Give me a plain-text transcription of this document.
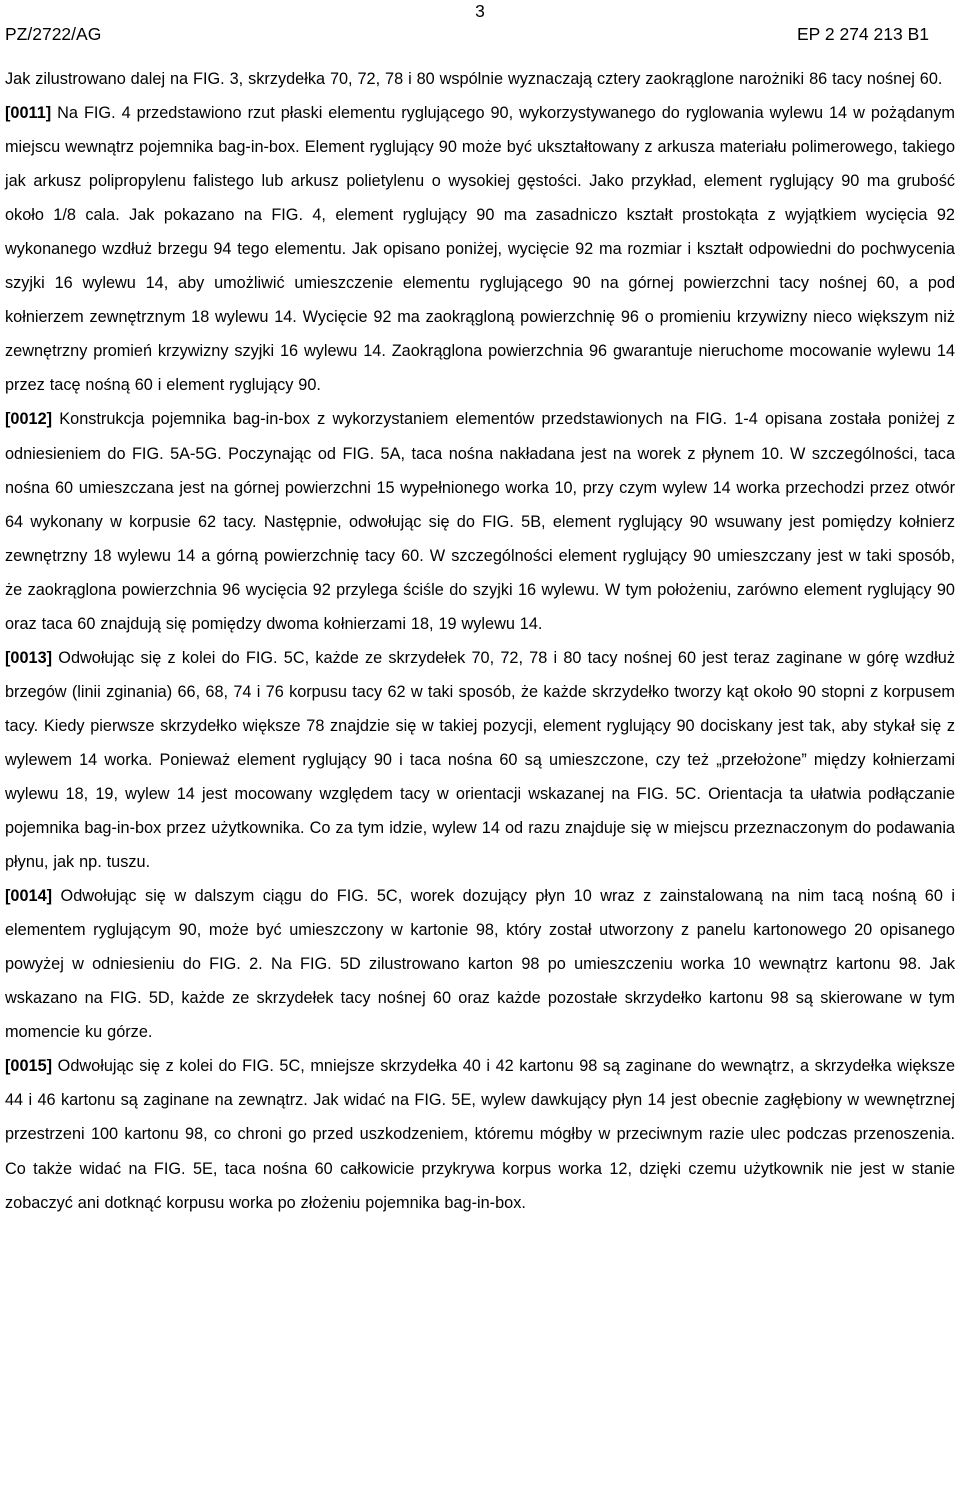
PZ/2722/AG
3
EP 2 274 213 B1

Jak zilustrowano dalej na FIG. 3, skrzydełka 70, 72, 78 i 80 wspólnie wyznaczają cztery zaokrąglone narożniki 86 tacy nośnej 60.

[0011] Na FIG. 4 przedstawiono rzut płaski elementu ryglującego 90, wykorzystywanego do ryglowania wylewu 14 w pożądanym miejscu wewnątrz pojemnika bag-in-box. Element ryglujący 90 może być ukształtowany z arkusza materiału polimerowego, takiego jak arkusz polipropylenu falistego lub arkusz polietylenu o wysokiej gęstości. Jako przykład, element ryglujący 90 ma grubość około 1/8 cala. Jak pokazano na FIG. 4, element ryglujący 90 ma zasadniczo kształt prostokąta z wyjątkiem wycięcia 92 wykonanego wzdłuż brzegu 94 tego elementu. Jak opisano poniżej, wycięcie 92 ma rozmiar i kształt odpowiedni do pochwycenia szyjki 16 wylewu 14, aby umożliwić umieszczenie elementu ryglującego 90 na górnej powierzchni tacy nośnej 60, a pod kołnierzem zewnętrznym 18 wylewu 14. Wycięcie 92 ma zaokrągloną powierzchnię 96 o promieniu krzywizny nieco większym niż zewnętrzny promień krzywizny szyjki 16 wylewu 14. Zaokrąglona powierzchnia 96 gwarantuje nieruchome mocowanie wylewu 14 przez tacę nośną 60 i element ryglujący 90.

[0012] Konstrukcja pojemnika bag-in-box z wykorzystaniem elementów przedstawionych na FIG. 1-4 opisana została poniżej z odniesieniem do FIG. 5A-5G. Poczynając od FIG. 5A, taca nośna nakładana jest na worek z płynem 10. W szczególności, taca nośna 60 umieszczana jest na górnej powierzchni 15 wypełnionego worka 10, przy czym wylew 14 worka przechodzi przez otwór 64 wykonany w korpusie 62 tacy. Następnie, odwołując się do FIG. 5B, element ryglujący 90 wsuwany jest pomiędzy kołnierz zewnętrzny 18 wylewu 14 a górną powierzchnię tacy 60. W szczególności element ryglujący 90 umieszczany jest w taki sposób, że zaokrąglona powierzchnia 96 wycięcia 92 przylega ściśle do szyjki 16 wylewu. W tym położeniu, zarówno element ryglujący 90 oraz taca 60 znajdują się pomiędzy dwoma kołnierzami 18, 19 wylewu 14.

[0013] Odwołując się z kolei do FIG. 5C, każde ze skrzydełek 70, 72, 78 i 80 tacy nośnej 60 jest teraz zaginane w górę wzdłuż brzegów (linii zginania) 66, 68, 74 i 76 korpusu tacy 62 w taki sposób, że każde skrzydełko tworzy kąt około 90 stopni z korpusem tacy. Kiedy pierwsze skrzydełko większe 78 znajdzie się w takiej pozycji, element ryglujący 90 dociskany jest tak, aby stykał się z wylewem 14 worka. Ponieważ element ryglujący 90 i taca nośna 60 są umieszczone, czy też „przełożone” między kołnierzami wylewu 18, 19, wylew 14 jest mocowany względem tacy w orientacji wskazanej na FIG. 5C. Orientacja ta ułatwia podłączanie pojemnika bag-in-box przez użytkownika. Co za tym idzie, wylew 14 od razu znajduje się w miejscu przeznaczonym do podawania płynu, jak np. tuszu.

[0014] Odwołując się w dalszym ciągu do FIG. 5C, worek dozujący płyn 10 wraz z zainstalowaną na nim tacą nośną 60 i elementem ryglującym 90, może być umieszczony w kartonie 98, który został utworzony z panelu kartonowego 20 opisanego powyżej w odniesieniu do FIG. 2. Na FIG. 5D zilustrowano karton 98 po umieszczeniu worka 10 wewnątrz kartonu 98. Jak wskazano na FIG. 5D, każde ze skrzydełek tacy nośnej 60 oraz każde pozostałe skrzydełko kartonu 98 są skierowane w tym momencie ku górze.

[0015] Odwołując się z kolei do FIG. 5C, mniejsze skrzydełka 40 i 42 kartonu 98 są zaginane do wewnątrz, a skrzydełka większe 44 i 46 kartonu są zaginane na zewnątrz. Jak widać na FIG. 5E, wylew dawkujący płyn 14 jest obecnie zagłębiony w wewnętrznej przestrzeni 100 kartonu 98, co chroni go przed uszkodzeniem, któremu mógłby w przeciwnym razie ulec podczas przenoszenia. Co także widać na FIG. 5E, taca nośna 60 całkowicie przykrywa korpus worka 12, dzięki czemu użytkownik nie jest w stanie zobaczyć ani dotknąć korpusu worka po złożeniu pojemnika bag-in-box.
